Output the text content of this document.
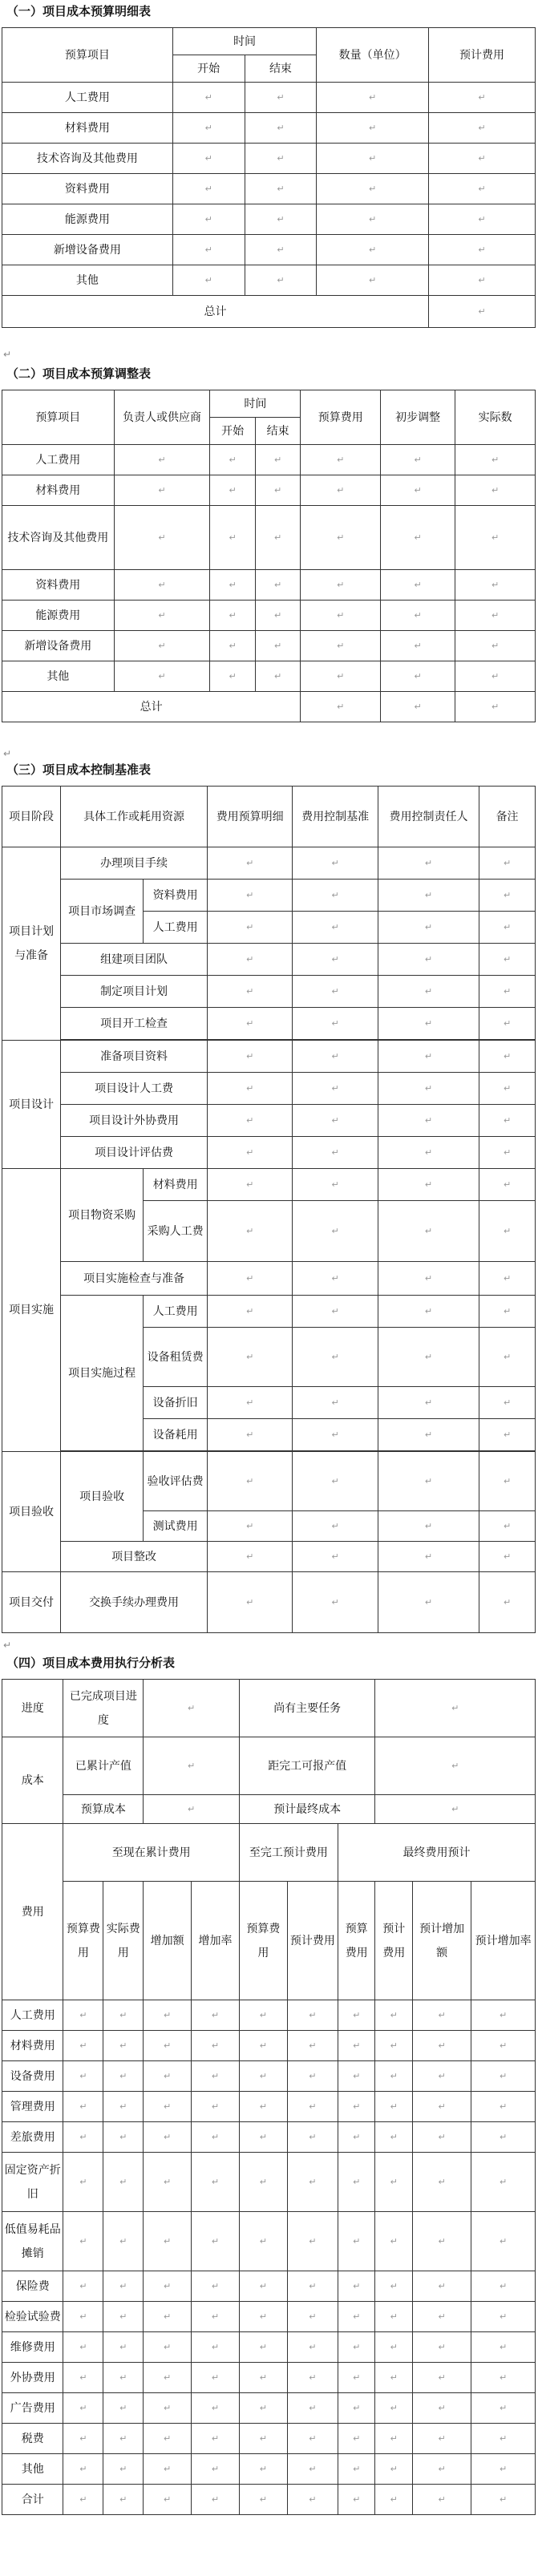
（一）项目成本预算明细表

预算项目	时间		数量（单位）	预计费用
	开始	结束		
人工费用	↵	↵	↵	↵
材料费用	↵	↵	↵	↵
技术咨询及其他费用	↵	↵	↵	↵
资料费用	↵	↵	↵	↵
能源费用	↵	↵	↵	↵
新增设备费用	↵	↵	↵	↵
其他	↵	↵	↵	↵
总计				↵
↵

（二）项目成本预算调整表

预算项目	负责人或供应商	时间		预算费用	初步调整	实际数
		开始	结束			
人工费用	↵	↵	↵	↵	↵	↵
材料费用	↵	↵	↵	↵	↵	↵
技术咨询及其他费用	↵	↵	↵	↵	↵	↵
资料费用	↵	↵	↵	↵	↵	↵
能源费用	↵	↵	↵	↵	↵	↵
新增设备费用	↵	↵	↵	↵	↵	↵
其他	↵	↵	↵	↵	↵	↵
总计				↵	↵	↵
↵

（三）项目成本控制基准表

项目阶段	具体工作或耗用资源		费用预算明细	费用控制基准	费用控制责任人	备注
项目计划与准备	办理项目手续		↵	↵	↵	↵
	项目市场调查	资料费用	↵	↵	↵	↵
		人工费用	↵	↵	↵	↵
	组建项目团队		↵	↵	↵	↵
	制定项目计划		↵	↵	↵	↵
	项目开工检查		↵	↵	↵	↵

项目设计	准备项目资料		↵	↵	↵	↵
	项目设计人工费		↵	↵	↵	↵
	项目设计外协费用		↵	↵	↵	↵
	项目设计评估费		↵	↵	↵	↵
项目实施	项目物资采购	材料费用	↵	↵	↵	↵
		采购人工费	↵	↵	↵	↵
	项目实施检查与准备		↵	↵	↵	↵
	项目实施过程	人工费用	↵	↵	↵	↵
		设备租赁费	↵	↵	↵	↵
		设备折旧	↵	↵	↵	↵
		设备耗用	↵	↵	↵	↵

项目验收	项目验收	验收评估费	↵	↵	↵	↵
		测试费用	↵	↵	↵	↵
	项目整改		↵	↵	↵	↵
项目交付	交换手续办理费用		↵	↵	↵	↵
↵

（四）项目成本费用执行分析表

进度	已完成项目进度		↵		尚有主要任务			↵		
成本	已累计产值		↵		距完工可报产值			↵		
	预算成本		↵		预计最终成本			↵		
费用	至现在累计费用				至完工预计费用		最终费用预计			
	预算费用	实际费用	增加额	增加率	预算费用	预计费用	预算费用	预计费用	预计增加额	预计增加率
人工费用	↵	↵	↵	↵	↵	↵	↵	↵	↵	↵
材料费用	↵	↵	↵	↵	↵	↵	↵	↵	↵	↵
设备费用	↵	↵	↵	↵	↵	↵	↵	↵	↵	↵
管理费用	↵	↵	↵	↵	↵	↵	↵	↵	↵	↵
差旅费用	↵	↵	↵	↵	↵	↵	↵	↵	↵	↵
固定资产折旧	↵	↵	↵	↵	↵	↵	↵	↵	↵	↵
低值易耗品摊销	↵	↵	↵	↵	↵	↵	↵	↵	↵	↵
保险费	↵	↵	↵	↵	↵	↵	↵	↵	↵	↵
检验试验费	↵	↵	↵	↵	↵	↵	↵	↵	↵	↵
维修费用	↵	↵	↵	↵	↵	↵	↵	↵	↵	↵
外协费用	↵	↵	↵	↵	↵	↵	↵	↵	↵	↵
广告费用	↵	↵	↵	↵	↵	↵	↵	↵	↵	↵
税费	↵	↵	↵	↵	↵	↵	↵	↵	↵	↵
其他	↵	↵	↵	↵	↵	↵	↵	↵	↵	↵
合计	↵	↵	↵	↵	↵	↵	↵	↵	↵	↵
